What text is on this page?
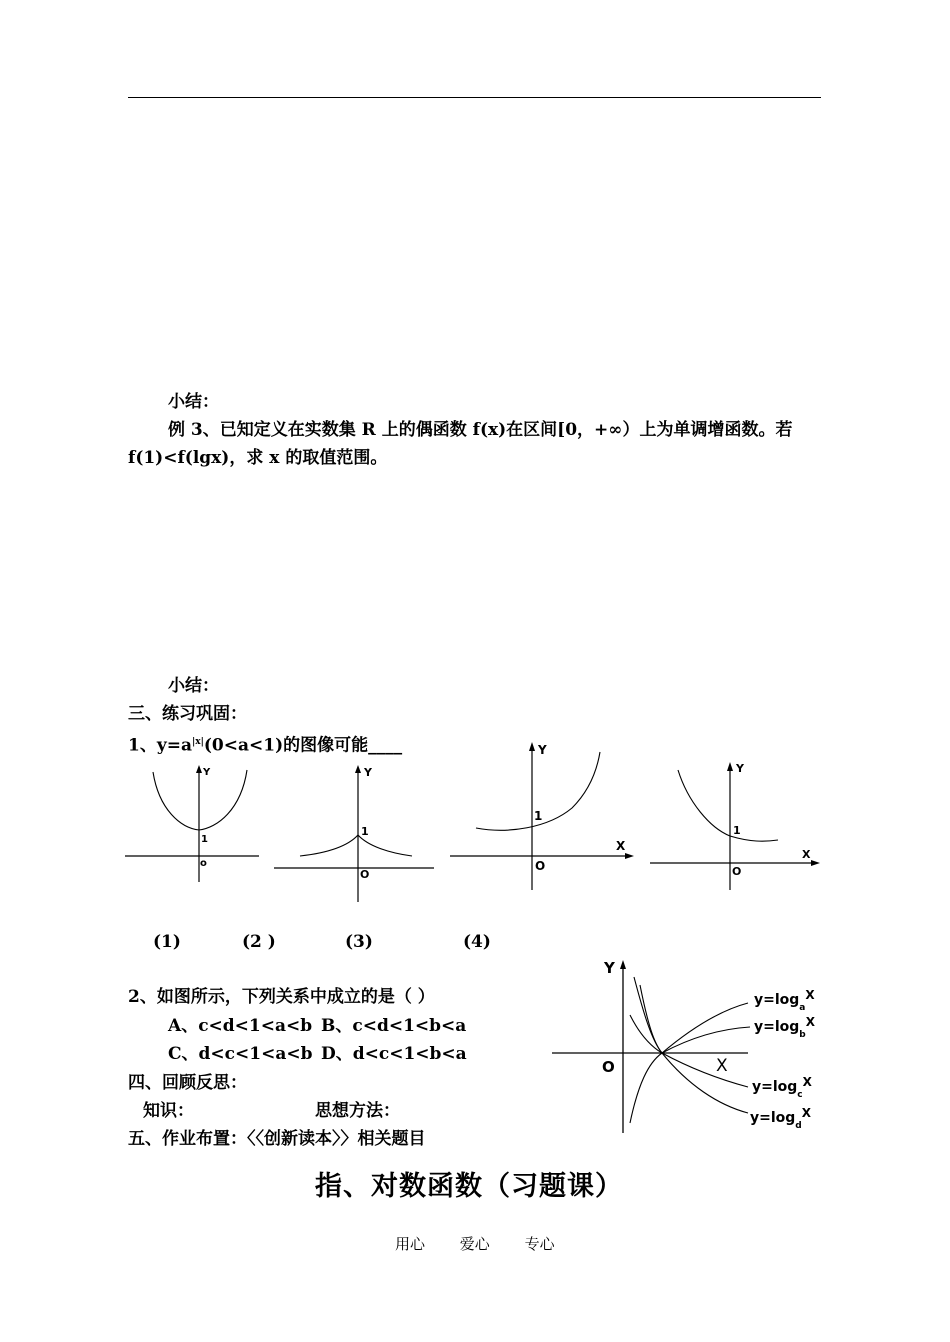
小结：
例 3、已知定义在实数集 R 上的偶函数 f(x)在区间[0，+∞）上为单调增函数。若
f(1)<f(lgx)，求 x 的取值范围。
小结：
三、练习巩固：
1、$y=a^{|x|}(0<a<1)$的图像可能____
Y
1
o
Y
1
O
Y
X
1
O
Y
X
1
O
(1)	(2 )	(3)	(4)
2、如图所示，下列关系中成立的是（ ）
A、c<d<1<a<b B、c<d<1<b<a
C、d<c<1<a<b D、d<c<1<b<a
Y
X
O
$y=\log_aX$
$y=\log_bX$
$y=\log_cX$
$y=\log_dX$
四、回顾反思：
知识：	思想方法：
五、作业布置：〈〈创新读本〉〉相关题目
指、对数函数（习题课）
用心 爱心 专心
